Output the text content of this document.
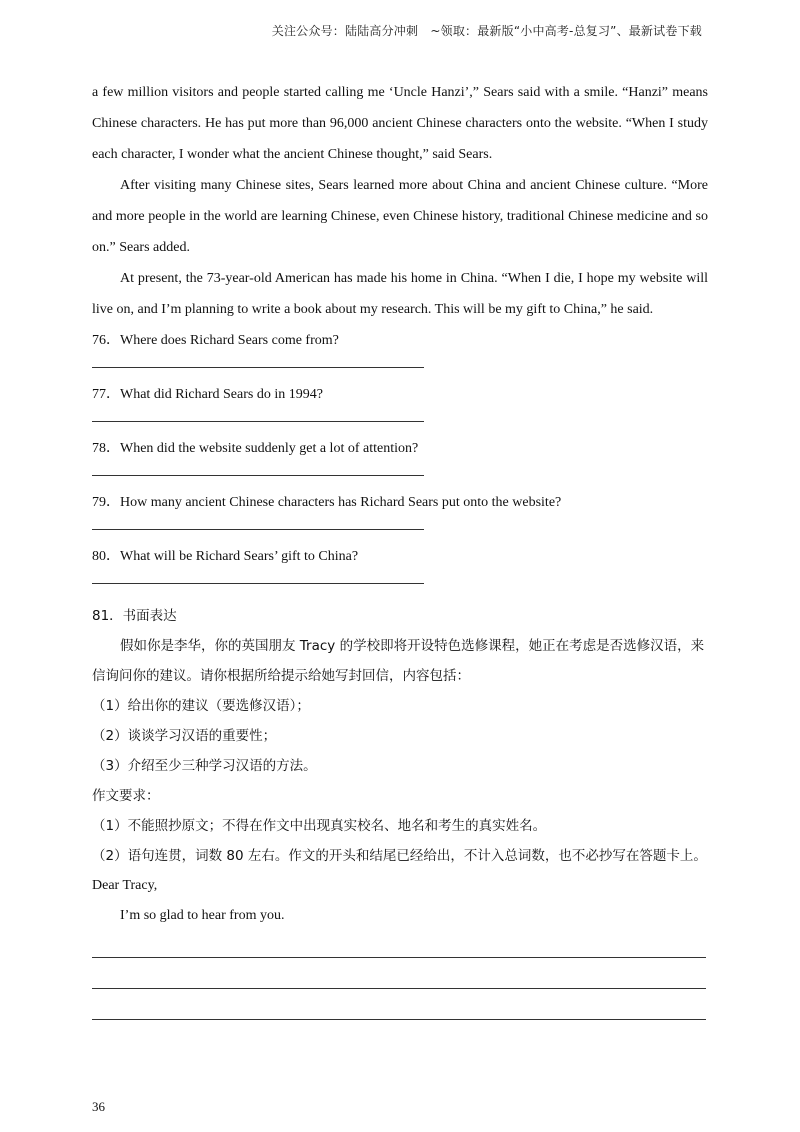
关注公众号：陆陆高分冲刺　~领取：最新版“小中高考-总复习”、最新试卷下载

a few million visitors and people started calling me ‘Uncle Hanzi’,” Sears said with a smile. “Hanzi” means Chinese characters. He has put more than 96,000 ancient Chinese characters onto the website. “When I study each character, I wonder what the ancient Chinese thought,” said Sears.

After visiting many Chinese sites, Sears learned more about China and ancient Chinese culture. “More and more people in the world are learning Chinese, even Chinese history, traditional Chinese medicine and so on.” Sears added.

At present, the 73-year-old American has made his home in China. “When I die, I hope my website will live on, and I’m planning to write a book about my research. This will be my gift to China,” he said.

76．Where does Richard Sears come from?

77．What did Richard Sears do in 1994?

78．When did the website suddenly get a lot of attention?

79．How many ancient Chinese characters has Richard Sears put onto the website?

80．What will be Richard Sears’ gift to China?

81．书面表达

假如你是李华，你的英国朋友 Tracy 的学校即将开设特色选修课程，她正在考虑是否选修汉语，来信询问你的建议。请你根据所给提示给她写封回信，内容包括：

（1）给出你的建议（要选修汉语）；

（2）谈谈学习汉语的重要性；

（3）介绍至少三种学习汉语的方法。

作文要求：

（1）不能照抄原文；不得在作文中出现真实校名、地名和考生的真实姓名。

（2）语句连贯，词数 80 左右。作文的开头和结尾已经给出，不计入总词数，也不必抄写在答题卡上。

Dear Tracy,

I’m so glad to hear from you.

36
